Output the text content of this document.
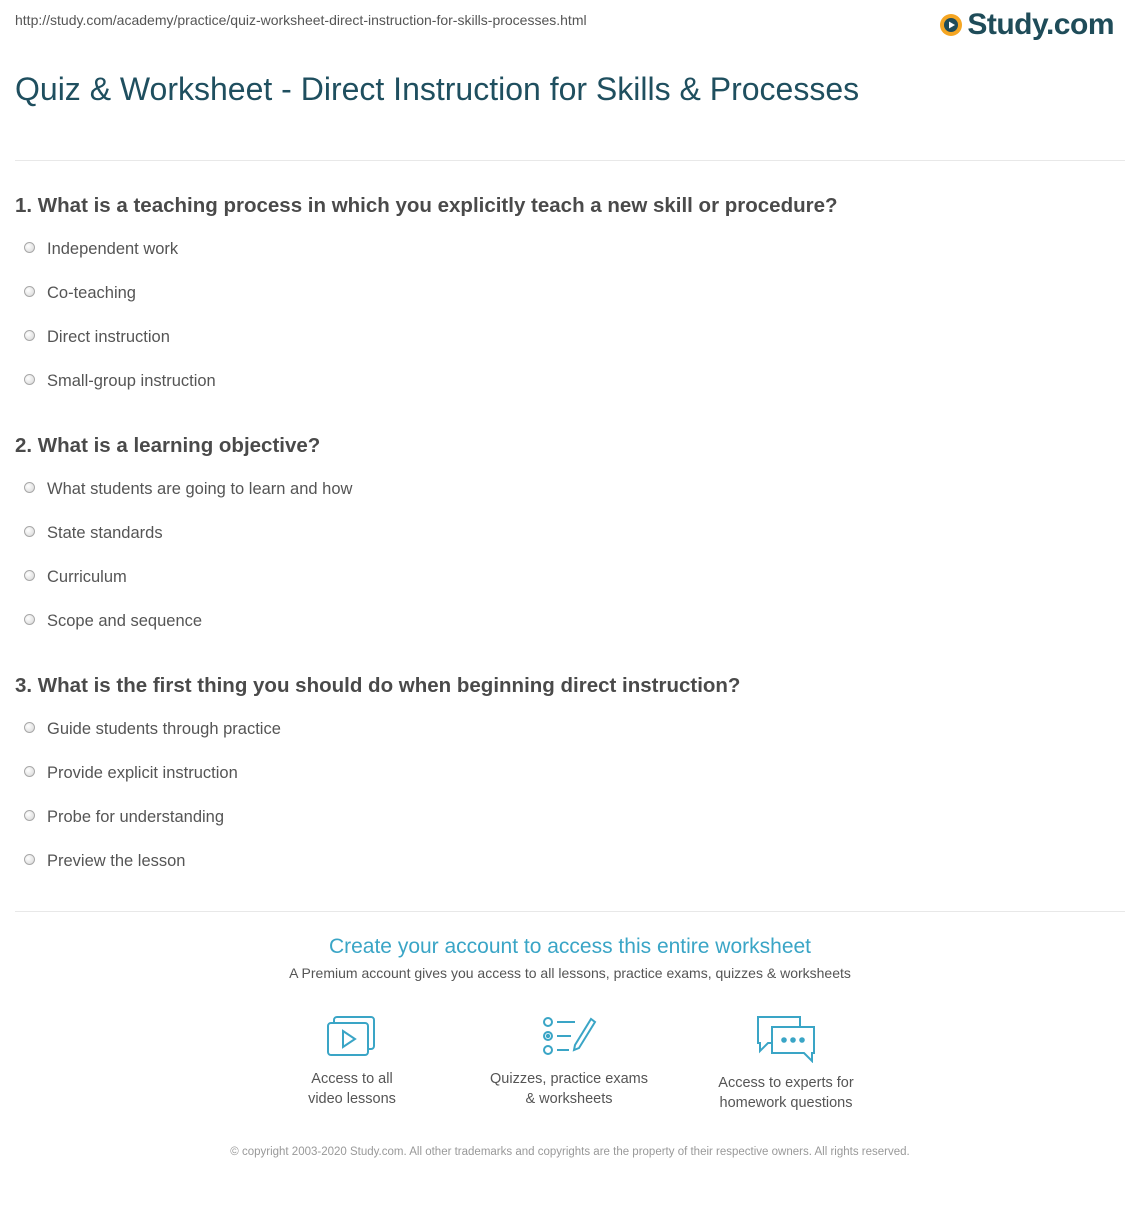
http://study.com/academy/practice/quiz-worksheet-direct-instruction-for-skills-processes.html	Study.com
Quiz & Worksheet - Direct Instruction for Skills & Processes
1. What is a teaching process in which you explicitly teach a new skill or procedure?
Independent work
Co-teaching
Direct instruction
Small-group instruction
2. What is a learning objective?
What students are going to learn and how
State standards
Curriculum
Scope and sequence
3. What is the first thing you should do when beginning direct instruction?
Guide students through practice
Provide explicit instruction
Probe for understanding
Preview the lesson
Create your account to access this entire worksheet
A Premium account gives you access to all lessons, practice exams, quizzes & worksheets
Access to all
video lessons
Quizzes, practice exams
& worksheets
Access to experts for
homework questions
© copyright 2003-2020 Study.com. All other trademarks and copyrights are the property of their respective owners. All rights reserved.
